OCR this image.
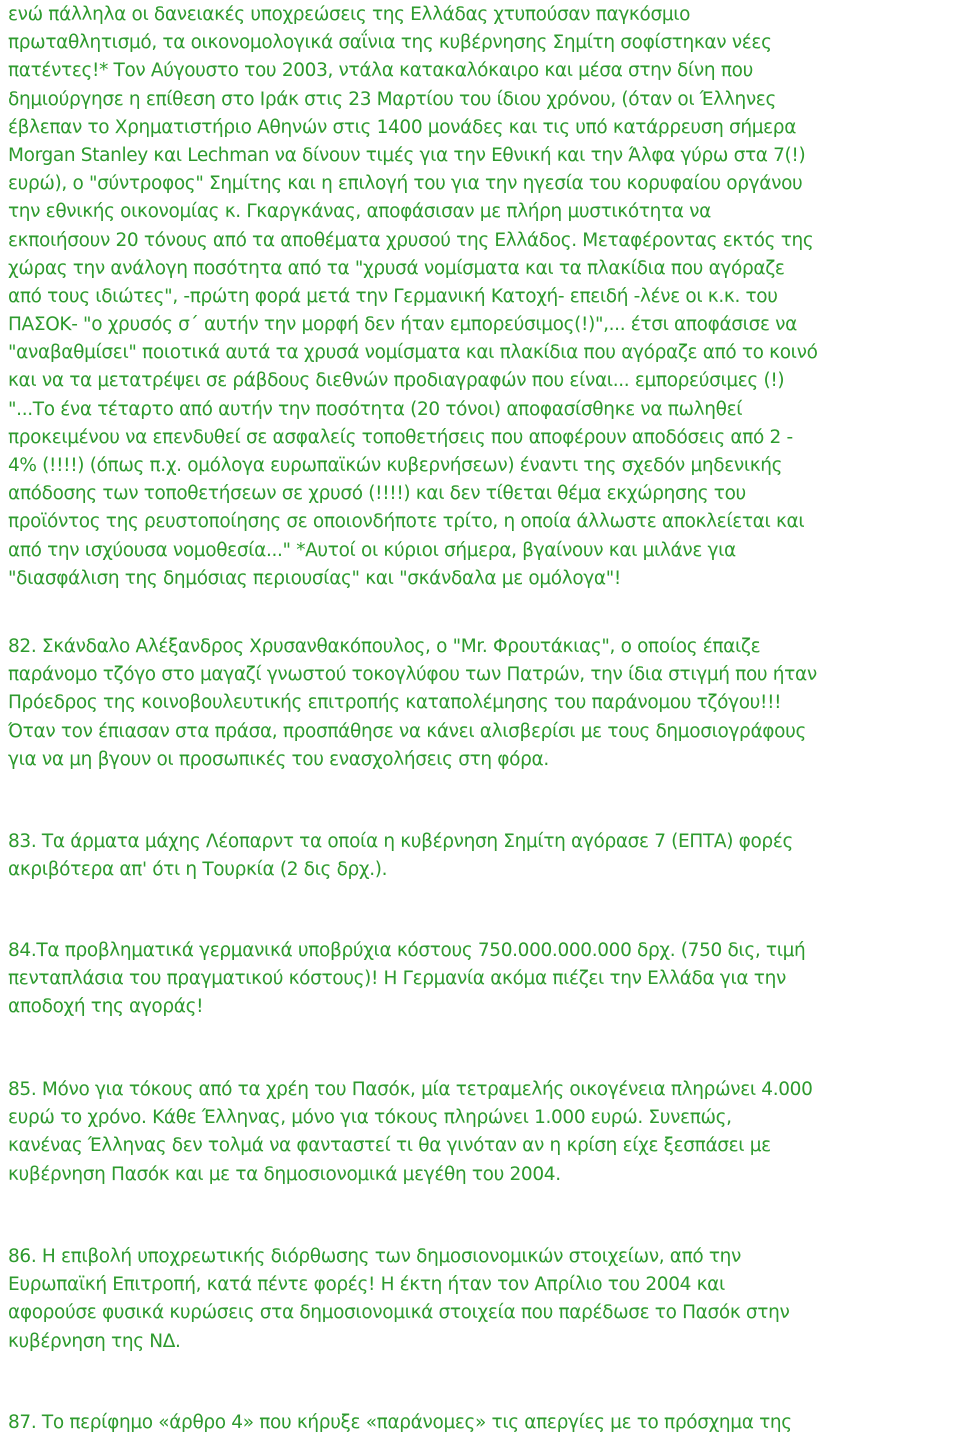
ενώ πάλληλα οι δανειακές υποχρεώσεις της Ελλάδας χτυπούσαν παγκόσμιο
πρωταθλητισμό, τα οικονομολογικά σαΐνια της κυβέρνησης Σημίτη σοφίστηκαν νέες
πατέντες!* Τον Αύγουστο του 2003, ντάλα κατακαλόκαιρο και μέσα στην δίνη που
δημιούργησε η επίθεση στο Ιράκ στις 23 Μαρτίου του ίδιου χρόνου, (όταν οι Έλληνες
έβλεπαν το Χρηματιστήριο Αθηνών στις 1400 μονάδες και τις υπό κατάρρευση σήμερα
Morgan Stanley και Lechman να δίνουν τιμές για την Εθνική και την Άλφα γύρω στα 7(!)
ευρώ), ο "σύντροφος" Σημίτης και η επιλογή του για την ηγεσία του κορυφαίου οργάνου
την εθνικής οικονομίας κ. Γκαργκάνας, αποφάσισαν με πλήρη μυστικότητα να
εκποιήσουν 20 τόνους από τα αποθέματα χρυσού της Ελλάδος. Μεταφέροντας εκτός της
χώρας την ανάλογη ποσότητα από τα "χρυσά νομίσματα και τα πλακίδια που αγόραζε
από τους ιδιώτες", -πρώτη φορά μετά την Γερμανική Κατοχή- επειδή -λένε οι κ.κ. του
ΠΑΣΟΚ- "ο χρυσός σ΄ αυτήν την μορφή δεν ήταν εμπορεύσιμος(!)",... έτσι αποφάσισε να
"αναβαθμίσει" ποιοτικά αυτά τα χρυσά νομίσματα και πλακίδια που αγόραζε από το κοινό
και να τα μετατρέψει σε ράβδους διεθνών προδιαγραφών που είναι... εμπορεύσιμες (!)
"...Το ένα τέταρτο από αυτήν την ποσότητα (20 τόνοι) αποφασίσθηκε να πωληθεί
προκειμένου να επενδυθεί σε ασφαλείς τοποθετήσεις που αποφέρουν αποδόσεις από 2 -
4% (!!!!) (όπως π.χ. ομόλογα ευρωπαϊκών κυβερνήσεων) έναντι της σχεδόν μηδενικής
απόδοσης των τοποθετήσεων σε χρυσό (!!!!) και δεν τίθεται θέμα εκχώρησης του
προϊόντος της ρευστοποίησης σε οποιονδήποτε τρίτο, η οποία άλλωστε αποκλείεται και
από την ισχύουσα νομοθεσία..." *Αυτοί οι κύριοι σήμερα, βγαίνουν και μιλάνε για
"διασφάλιση της δημόσιας περιουσίας" και "σκάνδαλα με ομόλογα"!
82. Σκάνδαλο Αλέξανδρος Χρυσανθακόπουλος, ο "Mr. Φρουτάκιας", ο οποίος έπαιζε
παράνομο τζόγο στο μαγαζί γνωστού τοκογλύφου των Πατρών, την ίδια στιγμή που ήταν
Πρόεδρος της κοινοβουλευτικής επιτροπής καταπολέμησης του παράνομου τζόγου!!!
Όταν τον έπιασαν στα πράσα, προσπάθησε να κάνει αλισβερίσι με τους δημοσιογράφους
για να μη βγουν οι προσωπικές του ενασχολήσεις στη φόρα.
83. Τα άρματα μάχης Λέοπαρντ τα οποία η κυβέρνηση Σημίτη αγόρασε 7 (ΕΠΤΑ) φορές
ακριβότερα απ' ότι η Τουρκία (2 δις δρχ.).
84.Τα προβληματικά γερμανικά υποβρύχια κόστους 750.000.000.000 δρχ. (750 δις, τιμή
πενταπλάσια του πραγματικού κόστους)! Η Γερμανία ακόμα πιέζει την Ελλάδα για την
αποδοχή της αγοράς!
85. Μόνο για τόκους από τα χρέη του Πασόκ, μία τετραμελής οικογένεια πληρώνει 4.000
ευρώ το χρόνο. Κάθε Έλληνας, μόνο για τόκους πληρώνει 1.000 ευρώ. Συνεπώς,
κανένας Έλληνας δεν τολμά να φανταστεί τι θα γινόταν αν η κρίση είχε ξεσπάσει με
κυβέρνηση Πασόκ και με τα δημοσιονομικά μεγέθη του 2004.
86. Η επιβολή υποχρεωτικής διόρθωσης των δημοσιονομικών στοιχείων, από την
Ευρωπαϊκή Επιτροπή, κατά πέντε φορές! Η έκτη ήταν τον Απρίλιο του 2004 και
αφορούσε φυσικά κυρώσεις στα δημοσιονομικά στοιχεία που παρέδωσε το Πασόκ στην
κυβέρνηση της ΝΔ.
87. Το περίφημο «άρθρο 4» που κήρυξε «παράνομες» τις απεργίες με το πρόσχημα της
